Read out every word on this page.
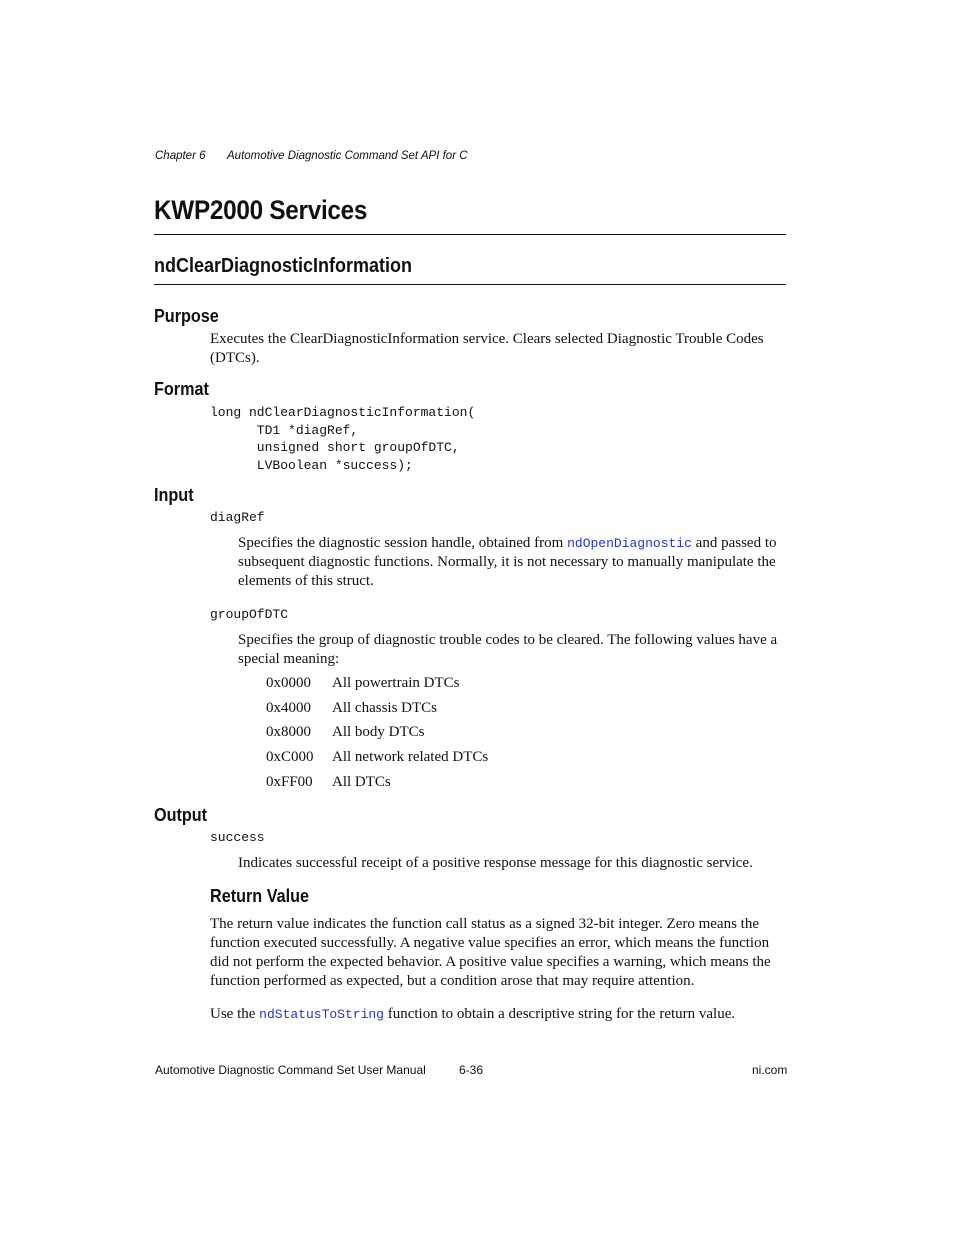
Chapter 6 Automotive Diagnostic Command Set API for C
KWP2000 Services
ndClearDiagnosticInformation
Purpose
Executes the ClearDiagnosticInformation service. Clears selected Diagnostic Trouble Codes (DTCs).
Format
long ndClearDiagnosticInformation(
TD1 *diagRef,
unsigned short groupOfDTC,
LVBoolean *success);
Input
diagRef
Specifies the diagnostic session handle, obtained from ndOpenDiagnostic and passed to subsequent diagnostic functions. Normally, it is not necessary to manually manipulate the elements of this struct.
groupOfDTC
Specifies the group of diagnostic trouble codes to be cleared. The following values have a special meaning:
0x0000	All powertrain DTCs
0x4000	All chassis DTCs
0x8000	All body DTCs
0xC000	All network related DTCs
0xFF00	All DTCs
Output
success
Indicates successful receipt of a positive response message for this diagnostic service.
Return Value
The return value indicates the function call status as a signed 32-bit integer. Zero means the function executed successfully. A negative value specifies an error, which means the function did not perform the expected behavior. A positive value specifies a warning, which means the function performed as expected, but a condition arose that may require attention.
Use the ndStatusToString function to obtain a descriptive string for the return value.
Automotive Diagnostic Command Set User Manual	6-36	ni.com
